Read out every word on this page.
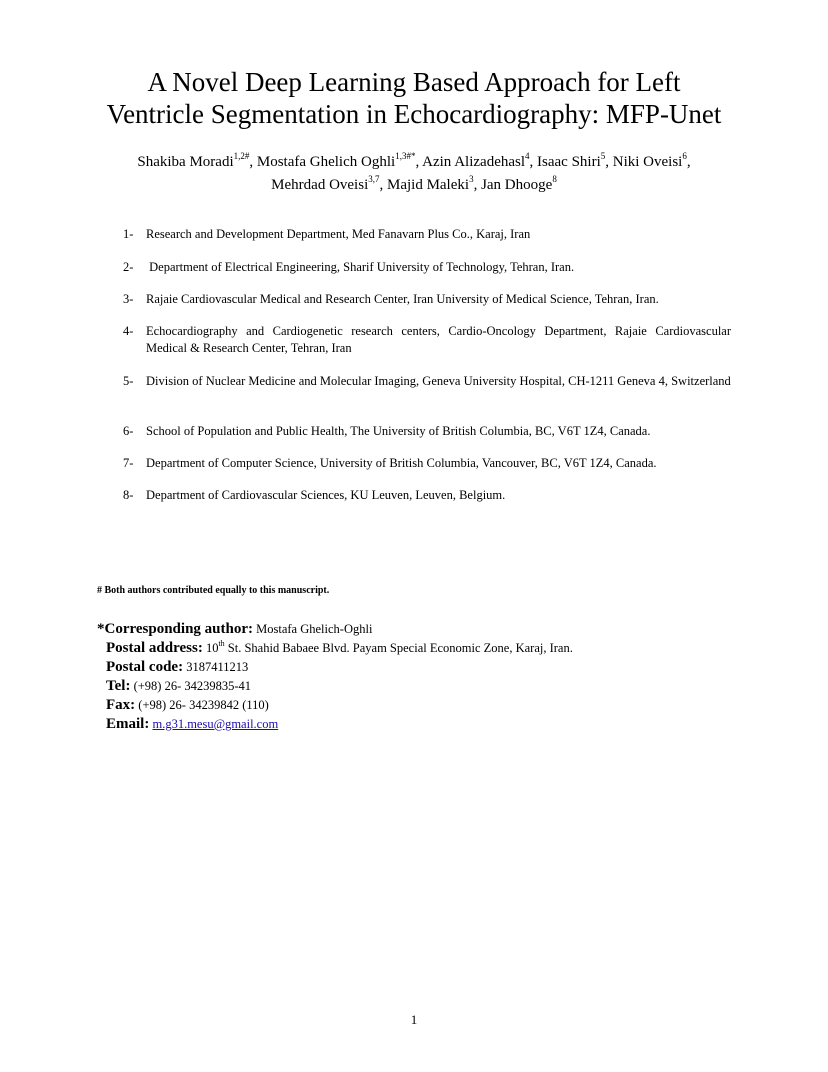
A Novel Deep Learning Based Approach for Left
Ventricle Segmentation in Echocardiography: MFP-Unet
Shakiba Moradi$^{1,2\#}$, Mostafa Ghelich Oghli$^{1,3\#*}$, Azin Alizadehasl$^4$, Isaac Shiri$^5$, Niki Oveisi$^6$,
Mehrdad Oveisi$^{3,7}$, Majid Maleki$^3$, Jan Dhooge$^8$
1- Research and Development Department, Med Fanavarn Plus Co., Karaj, Iran
2- Department of Electrical Engineering, Sharif University of Technology, Tehran, Iran.
3- Rajaie Cardiovascular Medical and Research Center, Iran University of Medical Science, Tehran, Iran.
4- Echocardiography and Cardiogenetic research centers, Cardio-Oncology Department, Rajaie Cardiovascular Medical & Research Center, Tehran, Iran
5- Division of Nuclear Medicine and Molecular Imaging, Geneva University Hospital, CH-1211 Geneva 4, Switzerland
6- School of Population and Public Health, The University of British Columbia, BC, V6T 1Z4, Canada.
7- Department of Computer Science, University of British Columbia, Vancouver, BC, V6T 1Z4, Canada.
8- Department of Cardiovascular Sciences, KU Leuven, Leuven, Belgium.
# Both authors contributed equally to this manuscript.
*Corresponding author: Mostafa Ghelich-Oghli
Postal address: 10th St. Shahid Babaee Blvd. Payam Special Economic Zone, Karaj, Iran.
Postal code: 3187411213
Tel: (+98) 26- 34239835-41
Fax: (+98) 26- 34239842 (110)
Email: m.g31.mesu@gmail.com
1
